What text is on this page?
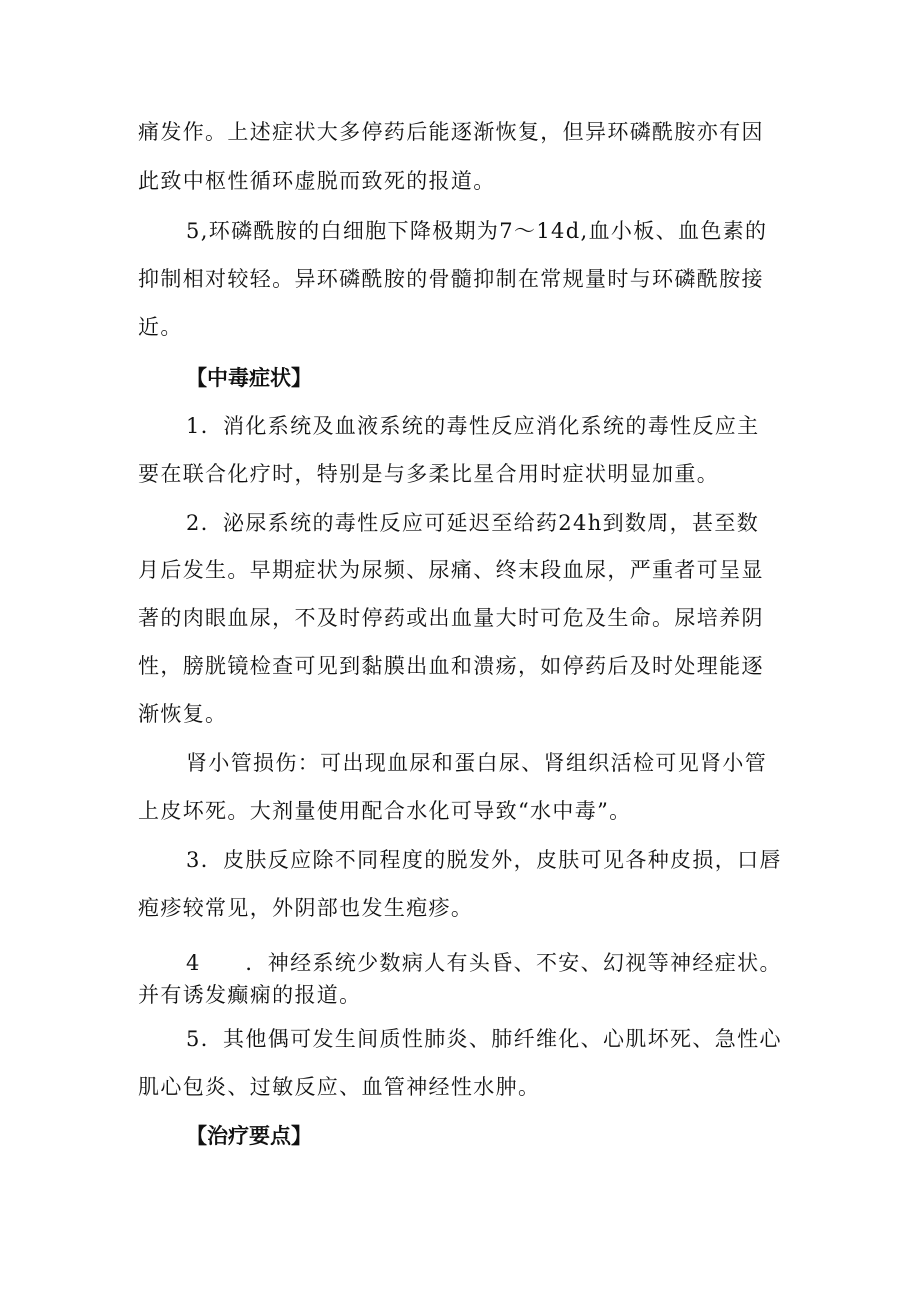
痛发作。上述症状大多停药后能逐渐恢复，但异环磷酰胺亦有因
此致中枢性循环虚脱而致死的报道。
5,环磷酰胺的白细胞下降极期为7～14d,血小板、血色素的
抑制相对较轻。异环磷酰胺的骨髓抑制在常规量时与环磷酰胺接
近。
【中毒症状】
1．消化系统及血液系统的毒性反应消化系统的毒性反应主
要在联合化疗时，特别是与多柔比星合用时症状明显加重。
2．泌尿系统的毒性反应可延迟至给药24h到数周，甚至数
月后发生。早期症状为尿频、尿痛、终末段血尿，严重者可呈显
著的肉眼血尿，不及时停药或出血量大时可危及生命。尿培养阴
性，膀胱镜检查可见到黏膜出血和溃疡，如停药后及时处理能逐
渐恢复。
肾小管损伤：可出现血尿和蛋白尿、肾组织活检可见肾小管
上皮坏死。大剂量使用配合水化可导致“水中毒”。
3．皮肤反应除不同程度的脱发外，皮肤可见各种皮损，口唇
疱疹较常见，外阴部也发生疱疹。
4　　．神经系统少数病人有头昏、不安、幻视等神经症状。
并有诱发癫痫的报道。
5．其他偶可发生间质性肺炎、肺纤维化、心肌坏死、急性心
肌心包炎、过敏反应、血管神经性水肿。
【治疗要点】
